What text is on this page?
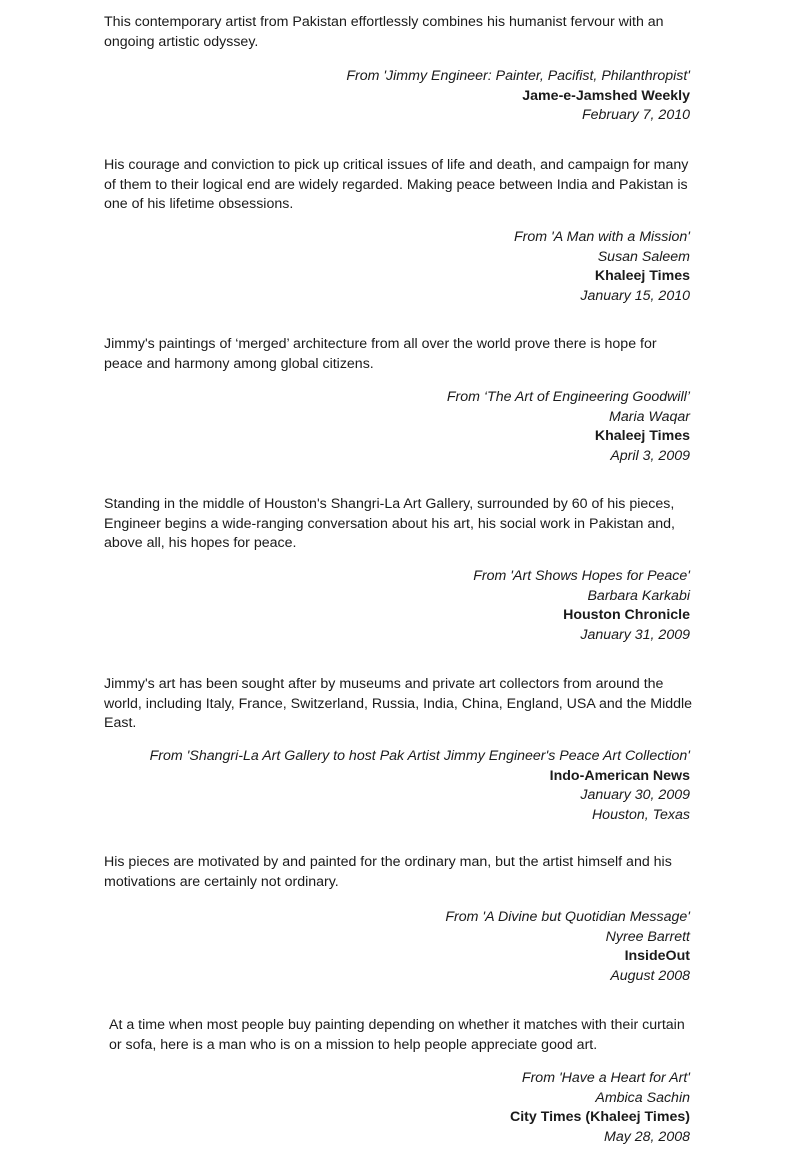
This contemporary artist from Pakistan effortlessly combines his humanist fervour with an ongoing artistic odyssey.

From 'Jimmy Engineer: Painter, Pacifist, Philanthropist'
Jame-e-Jamshed Weekly
February 7, 2010

His courage and conviction to pick up critical issues of life and death, and campaign for many of them to their logical end are widely regarded. Making peace between India and Pakistan is one of his lifetime obsessions.

From 'A Man with a Mission'
Susan Saleem
Khaleej Times
January 15, 2010

Jimmy's paintings of ‘merged’ architecture from all over the world prove there is hope for peace and harmony among global citizens.

From ‘The Art of Engineering Goodwill’
Maria Waqar
Khaleej Times
April 3, 2009

Standing in the middle of Houston's Shangri-La Art Gallery, surrounded by 60 of his pieces, Engineer begins a wide-ranging conversation about his art, his social work in Pakistan and, above all, his hopes for peace.

From 'Art Shows Hopes for Peace'
Barbara Karkabi
Houston Chronicle
January 31, 2009

Jimmy's art has been sought after by museums and private art collectors from around the world, including Italy, France, Switzerland, Russia, India, China, England, USA and the Middle East.

From 'Shangri-La Art Gallery to host Pak Artist Jimmy Engineer's Peace Art Collection'
Indo-American News
January 30, 2009
Houston, Texas

His pieces are motivated by and painted for the ordinary man, but the artist himself and his motivations are certainly not ordinary.

From 'A Divine but Quotidian Message'
Nyree Barrett
InsideOut
August 2008

At a time when most people buy painting depending on whether it matches with their curtain or sofa, here is a man who is on a mission to help people appreciate good art.

From 'Have a Heart for Art'
Ambica Sachin
City Times (Khaleej Times)
May 28, 2008
